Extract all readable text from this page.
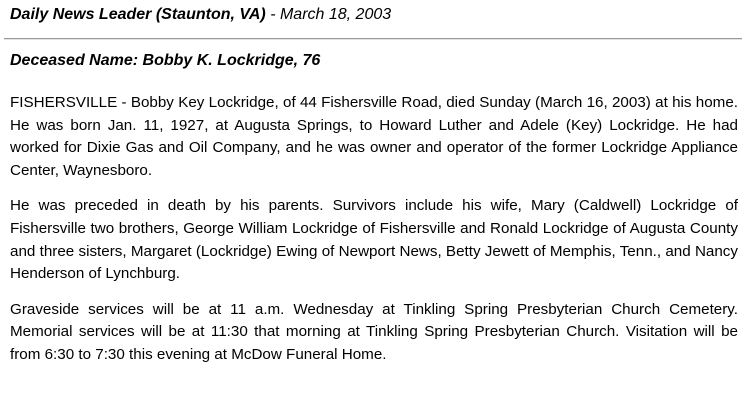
Daily News Leader (Staunton, VA) - March 18, 2003
Deceased Name: Bobby K. Lockridge, 76

FISHERSVILLE - Bobby Key Lockridge, of 44 Fishersville Road, died Sunday (March 16, 2003) at his home. He was born Jan. 11, 1927, at Augusta Springs, to Howard Luther and Adele (Key) Lockridge. He had worked for Dixie Gas and Oil Company, and he was owner and operator of the former Lockridge Appliance Center, Waynesboro.

He was preceded in death by his parents. Survivors include his wife, Mary (Caldwell) Lockridge of Fishersville two brothers, George William Lockridge of Fishersville and Ronald Lockridge of Augusta County and three sisters, Margaret (Lockridge) Ewing of Newport News, Betty Jewett of Memphis, Tenn., and Nancy Henderson of Lynchburg.

Graveside services will be at 11 a.m. Wednesday at Tinkling Spring Presbyterian Church Cemetery. Memorial services will be at 11:30 that morning at Tinkling Spring Presbyterian Church. Visitation will be from 6:30 to 7:30 this evening at McDow Funeral Home.
